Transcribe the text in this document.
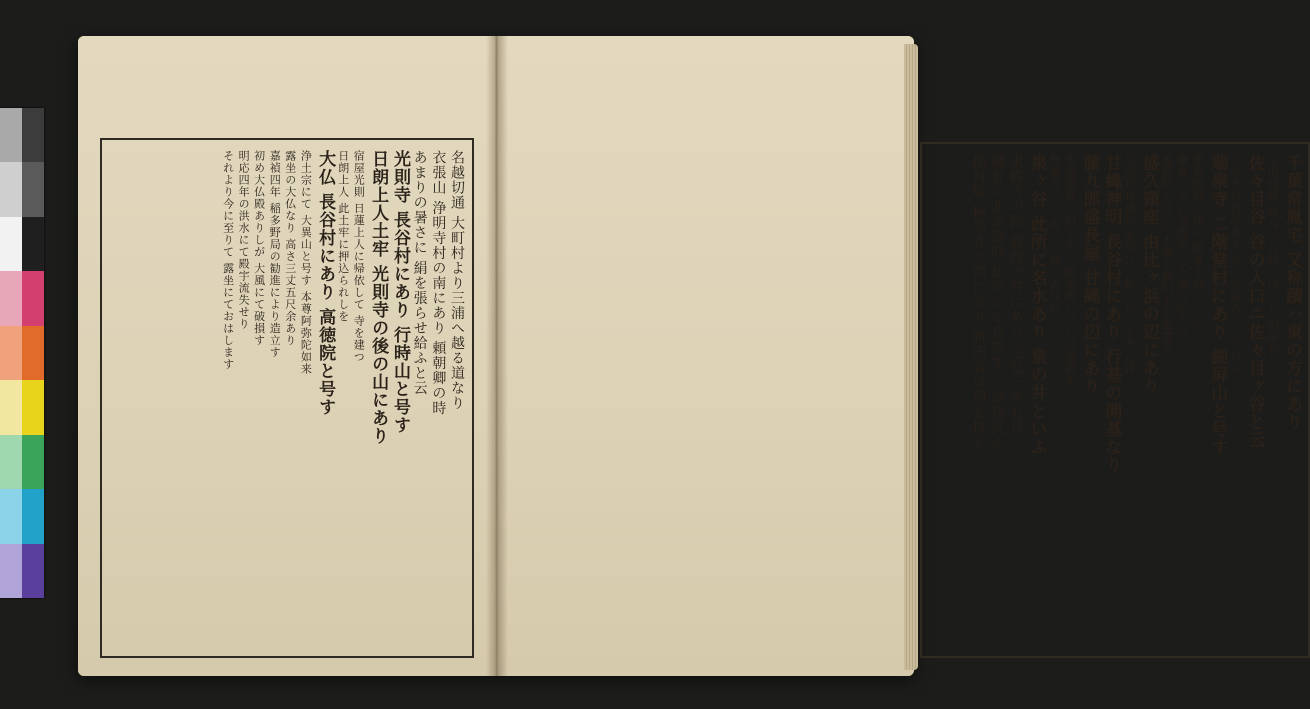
名越切通 大町村より三浦へ越る道なり
衣張山 浄明寺村の南にあり 頼朝卿の時
あまりの暑さに 絹を張らせ給ふと云
光則寺 長谷村にあり 行時山と号す
日朗上人土牢 光則寺の後の山にあり
宿屋光則 日蓮上人に帰依して 寺を建つ
日朗上人 此土牢に押込られしを
大仏 長谷村にあり 高徳院と号す
浄土宗にて 大異山と号す 本尊阿弥陀如来
露坐の大仏なり 高さ三丈五尺余あり
嘉禎四年 稲多野局の勧進により造立す
初め大仏殿ありしが 大風にて破損す
明応四年の洪水にて殿宇流失せり
それより今に至りて 露坐にておはします	千葉常胤宅 又称蹟ハ東の方にあり
在山崎郷 扇谷ヶ谷村のほとり 旧跡有り
佐々目谷 谷の入口ニ佐々目ヶ谷と云
ちかきに石碑あり 昔ハ寺院ありしといふ
瑞泉寺 二階堂村にあり 錦屏山と号す
夢窓国師の開山 関東十刹の一なり
鎌倉公方の菩提所にて 境内広大なり
遍照院 真言宗 本尊不動明王を安置す
盛久頸座 由比ヶ浜の辺にあり
主馬判官盛久 此所にて斬られんとせし時
甘縄神明 長谷村にあり 行基の開基なり
藤九郎盛長屋 甘縄の辺にあり
安達盛長の旧宅なり 頼朝卿しばしば渡御あり
無量寺 今ハ廃して跡のみ残れり
泉ヶ谷 此所に名水あり 泉の井といふ
東勝寺の跡 葛西ヶ谷にあり 元弘三年五月
鎌倉の北条高時 此所にて自害す 一族皆従ふ
稲村崎 極楽寺の西にあり 新田義貞剣を投じ
